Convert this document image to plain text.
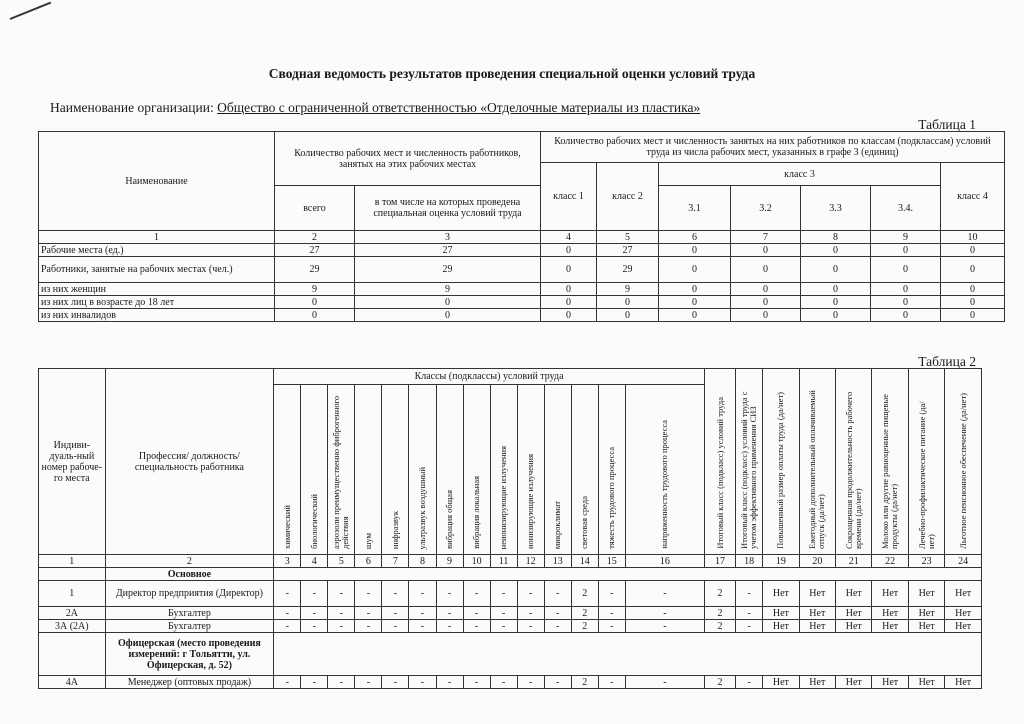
Сводная ведомость результатов проведения специальной оценки условий труда
Наименование организации: Общество с ограниченной ответственностью «Отделочные материалы из пластика»
Таблица 1
Наименование	Количество рабочих мест и численность работников, занятых на этих рабочих местах		Количество рабочих мест и численность занятых на них работников по классам (подклассам) условий труда из числа рабочих мест, указанных в графе 3 (единиц)						
			класс 1	класс 2	класс 3				класс 4
	всего	в том числе на которых проведена специальная оценка условий труда			3.1	3.2	3.3	3.4.	
1	2	3	4	5	6	7	8	9	10
Рабочие места (ед.)	27	27	0	27	0	0	0	0	0
Работники, занятые на рабочих местах (чел.)	29	29	0	29	0	0	0	0	0
из них женщин	9	9	0	9	0	0	0	0	0
из них лиц в возрасте до 18 лет	0	0	0	0	0	0	0	0	0
из них инвалидов	0	0	0	0	0	0	0	0	0
Таблица 2
Индиви-дуаль-ный номер рабоче-го места	Профессия/ должность/ специальность работника	Классы (подклассы) условий труда														Итоговый класс (подкласс) условий труда	Итоговый класс (подкласс) условий труда с учетом эффективного применения СИЗ	Повышенный размер оплаты труда (да/нет)	Ежегодный дополнительный оплачиваемый отпуск (да/нет)	Сокращенная продолжительность рабочего времени (да/нет)	Молоко или другие равноценные пищевые продукты (да/нет)	Лечебно-профилактическое питание (да/нет)	Льготное пенсионное обеспечение (да/нет)
		химический	биологический	аэрозоли преимущественно фиброгенного действия	шум	инфразвук	ультразвук воздушный	вибрация общая	вибрация локальная	неионизирующие излучения	ионизирующие излучения	микроклимат	световая среда	тяжесть трудового процесса	напряженность трудового процесса								
1	2	3	4	5	6	7	8	9	10	11	12	13	14	15	16	17	18	19	20	21	22	23	24
	Основное																						
1	Директор предприятия (Директор)	-	-	-	-	-	-	-	-	-	-	-	2	-	-	2	-	Нет	Нет	Нет	Нет	Нет	Нет
2А	Бухгалтер	-	-	-	-	-	-	-	-	-	-	-	2	-	-	2	-	Нет	Нет	Нет	Нет	Нет	Нет
3А (2А)	Бухгалтер	-	-	-	-	-	-	-	-	-	-	-	2	-	-	2	-	Нет	Нет	Нет	Нет	Нет	Нет
	Офицерская (место проведения измерений: г Тольятти, ул. Офицерская, д. 52)																						
4А	Менеджер (оптовых продаж)	-	-	-	-	-	-	-	-	-	-	-	2	-	-	2	-	Нет	Нет	Нет	Нет	Нет	Нет
